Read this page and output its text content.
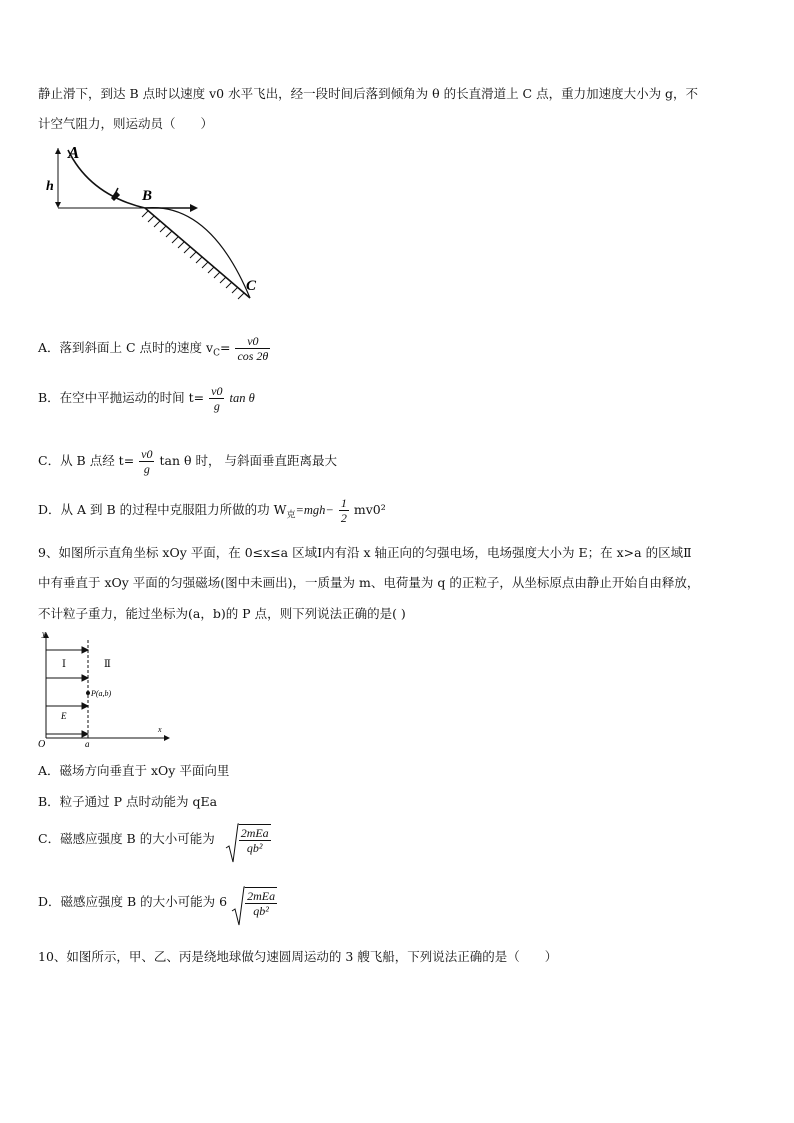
静止滑下，到达 B 点时以速度 v0 水平飞出，经一段时间后落到倾角为 θ 的长直滑道上 C 点，重力加速度大小为 g，不
计空气阻力，则运动员（　　）
A
h
B
C
A．落到斜面上 C 点时的速度 $v_C= \frac{v0}{\cos 2\theta}$
B．在空中平抛运动的时间 $t= \frac{v0}{g}$ tan θ
C．从 B 点经 $t= \frac{v0}{g}$ tan θ 时， 与斜面垂直距离最大
D．从 A 到 B 的过程中克服阻力所做的功 $W_克=mgh- \frac{1}{2} mv0^2$
9、如图所示直角坐标 xOy 平面，在 0≤x≤a 区域Ⅰ内有沿 x 轴正向的匀强电场，电场强度大小为 E；在 x>a 的区域Ⅱ
中有垂直于 xOy 平面的匀强磁场(图中未画出)，一质量为 m、电荷量为 q 的正粒子，从坐标原点由静止开始自由释放，
不计粒子重力，能过坐标为(a，b)的 P 点，则下列说法正确的是( )
y
x
O	a
Ⅰ	Ⅱ
E
P(a,b)
A．磁场方向垂直于 xOy 平面向里
B．粒子通过 P 点时动能为 qEa
C．磁感应强度 B 的大小可能为 $\frac{\text{2mEa}}{\text{qb²}}$
D．磁感应强度 B 的大小可能为 $6 \frac{\text{2mEa}}{\text{qb²}}$
10、如图所示，甲、乙、丙是绕地球做匀速圆周运动的 3 艘飞船，下列说法正确的是（　　）
